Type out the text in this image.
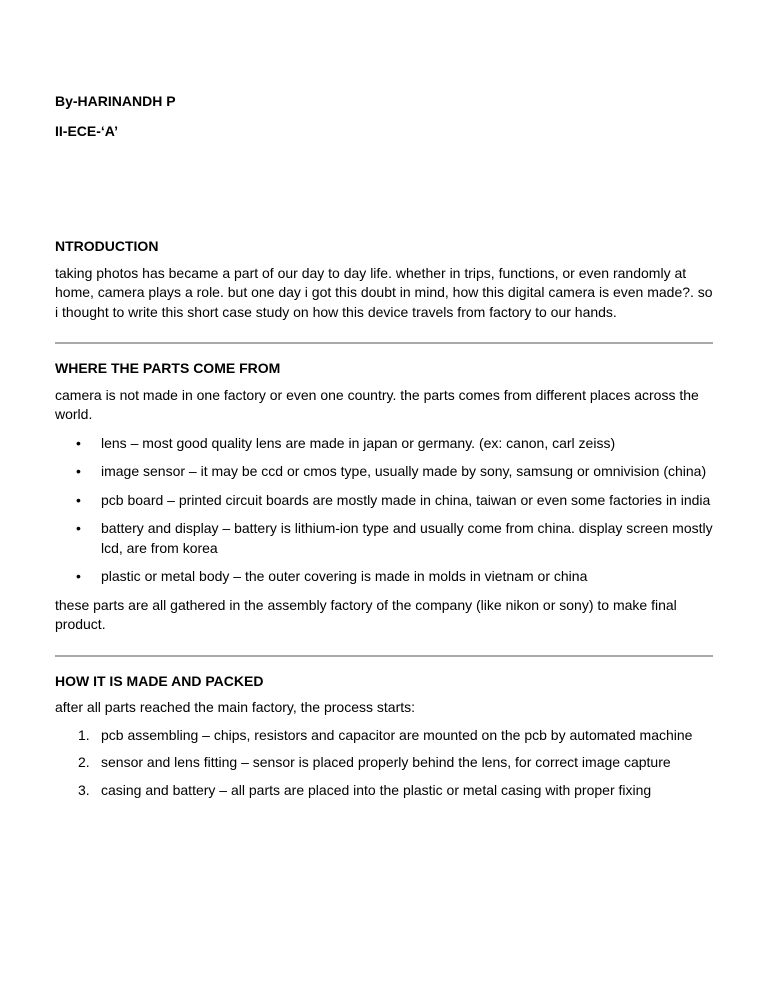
By-HARINANDH P

II-ECE-‘A’

NTRODUCTION

taking photos has became a part of our day to day life. whether in trips, functions, or even randomly at home, camera plays a role. but one day i got this doubt in mind, how this digital camera is even made?. so i thought to write this short case study on how this device travels from factory to our hands.

WHERE THE PARTS COME FROM

camera is not made in one factory or even one country. the parts comes from different places across the world.

• lens – most good quality lens are made in japan or germany. (ex: canon, carl zeiss)
• image sensor – it may be ccd or cmos type, usually made by sony, samsung or omnivision (china)
• pcb board – printed circuit boards are mostly made in china, taiwan or even some factories in india
• battery and display – battery is lithium-ion type and usually come from china. display screen mostly lcd, are from korea
• plastic or metal body – the outer covering is made in molds in vietnam or china

these parts are all gathered in the assembly factory of the company (like nikon or sony) to make final product.

HOW IT IS MADE AND PACKED

after all parts reached the main factory, the process starts:

1. pcb assembling – chips, resistors and capacitor are mounted on the pcb by automated machine
2. sensor and lens fitting – sensor is placed properly behind the lens, for correct image capture
3. casing and battery – all parts are placed into the plastic or metal casing with proper fixing
